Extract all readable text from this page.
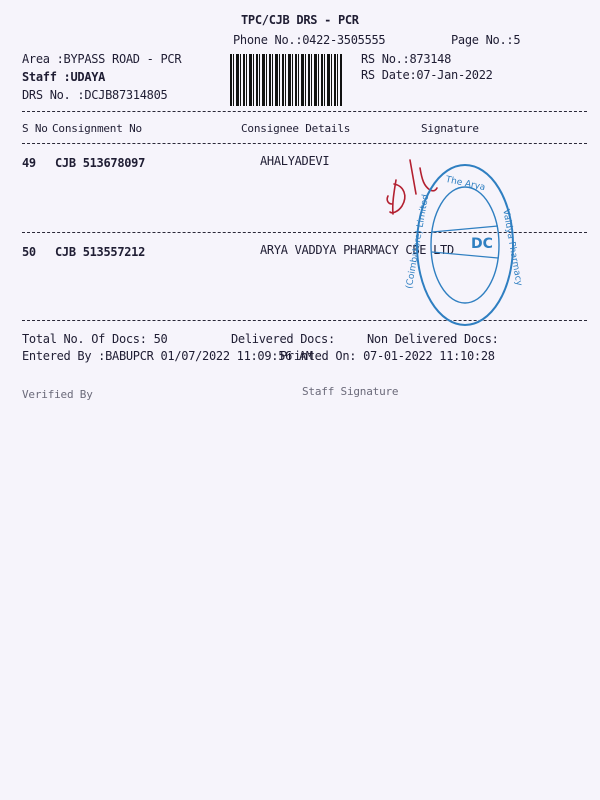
TPC/CJB DRS - PCR
Phone No.:0422-3505555	Page No.:5
Area :BYPASS ROAD - PCR
Staff :UDAYA
DRS No. :DCJB87314805
RS No.:873148
RS Date:07-Jan-2022
S No Consignment No	Consignee Details	Signature
49 CJB 513678097	AHALYADEVI
50 CJB 513557212	ARYA VADDYA PHARMACY CBE LTD
The Arya
Vaidya Pharmacy
(Coimbatore) Limited	DC
Total No. Of Docs: 50	Delivered Docs:	Non Delivered Docs:
Entered By :BABUPCR 01/07/2022 11:09:56 AM
Printed On: 07-01-2022 11:10:28
Verified By	Staff Signature
